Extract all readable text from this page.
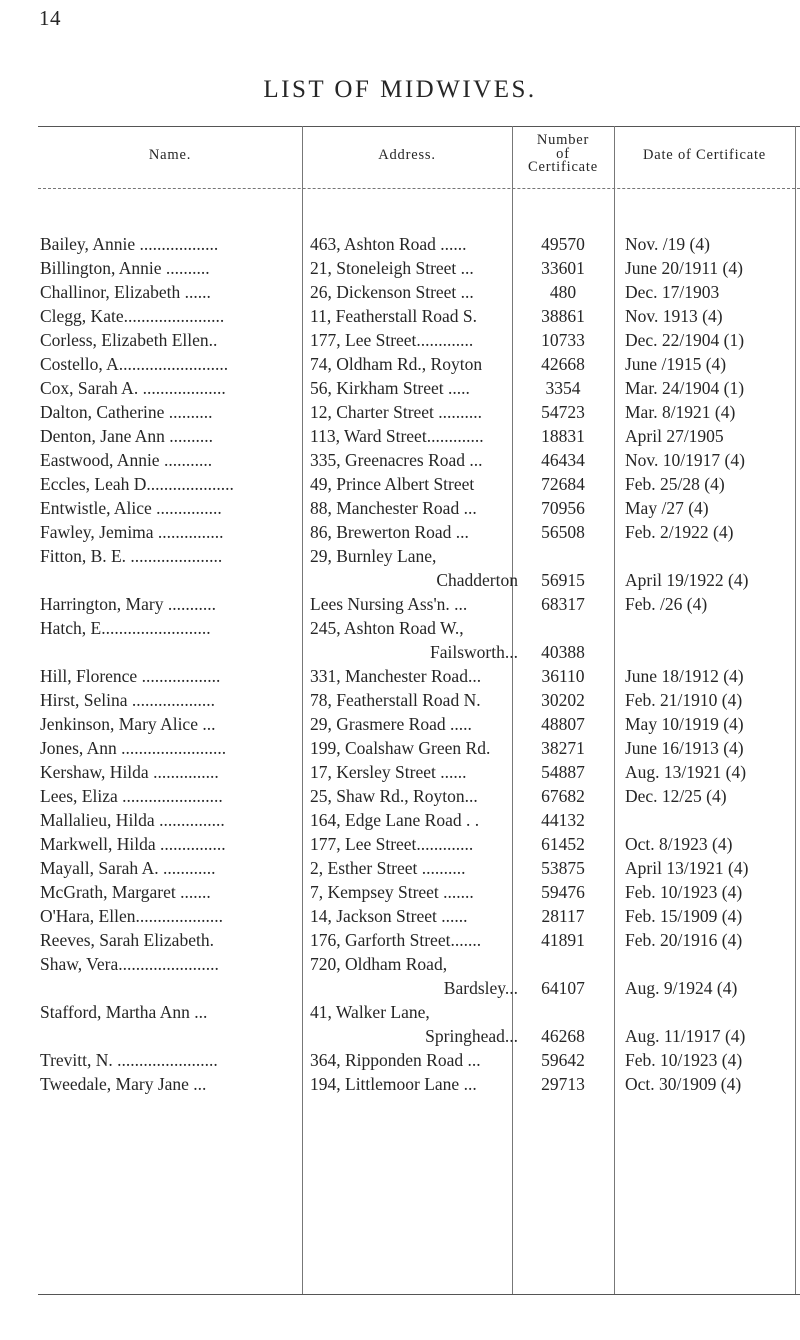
14
LIST OF MIDWIVES.
Name.	Address.
Number
of
Certificate
Date of Certificate
Bailey, Annie ..................	463, Ashton Road ......	49570	Nov. /19 (4)
Billington, Annie ..........	21, Stoneleigh Street ...	33601	June 20/1911 (4)
Challinor, Elizabeth ......	26, Dickenson Street ...	480	Dec. 17/1903
Clegg, Kate.......................	11, Featherstall Road S.	38861	Nov. 1913 (4)
Corless, Elizabeth Ellen..	177, Lee Street.............	10733	Dec. 22/1904 (1)
Costello, A.........................	74, Oldham Rd., Royton	42668	June /1915 (4)
Cox, Sarah A. ...................	56, Kirkham Street .....	3354	Mar. 24/1904 (1)
Dalton, Catherine ..........	12, Charter Street ..........	54723	Mar. 8/1921 (4)
Denton, Jane Ann ..........	113, Ward Street.............	18831	April 27/1905
Eastwood, Annie ...........	335, Greenacres Road ...	46434	Nov. 10/1917 (4)
Eccles, Leah D....................	49, Prince Albert Street	72684	Feb. 25/28 (4)
Entwistle, Alice ...............	88, Manchester Road ...	70956	May /27 (4)
Fawley, Jemima ...............	86, Brewerton Road ...	56508	Feb. 2/1922 (4)
Fitton, B. E. .....................	29, Burnley Lane,
Chadderton	56915	April 19/1922 (4)
Harrington, Mary ...........	Lees Nursing Ass'n. ...	68317	Feb. /26 (4)
Hatch, E.........................	245, Ashton Road W.,
Failsworth...	40388
Hill, Florence ..................	331, Manchester Road...	36110	June 18/1912 (4)
Hirst, Selina ...................	78, Featherstall Road N.	30202	Feb. 21/1910 (4)
Jenkinson, Mary Alice ...	29, Grasmere Road .....	48807	May 10/1919 (4)
Jones, Ann ........................	199, Coalshaw Green Rd.	38271	June 16/1913 (4)
Kershaw, Hilda ...............	17, Kersley Street ......	54887	Aug. 13/1921 (4)
Lees, Eliza .......................	25, Shaw Rd., Royton...	67682	Dec. 12/25 (4)
Mallalieu, Hilda ...............	164, Edge Lane Road . .	44132
Markwell, Hilda ...............	177, Lee Street.............	61452	Oct. 8/1923 (4)
Mayall, Sarah A. ............	2, Esther Street ..........	53875	April 13/1921 (4)
McGrath, Margaret .......	7, Kempsey Street .......	59476	Feb. 10/1923 (4)
O'Hara, Ellen....................	14, Jackson Street ......	28117	Feb. 15/1909 (4)
Reeves, Sarah Elizabeth.	176, Garforth Street.......	41891	Feb. 20/1916 (4)
Shaw, Vera.......................	720, Oldham Road,
Bardsley...	64107	Aug. 9/1924 (4)
Stafford, Martha Ann ...	41, Walker Lane,
Springhead...	46268	Aug. 11/1917 (4)
Trevitt, N. .......................	364, Ripponden Road ...	59642	Feb. 10/1923 (4)
Tweedale, Mary Jane ...	194, Littlemoor Lane ...	29713	Oct. 30/1909 (4)
